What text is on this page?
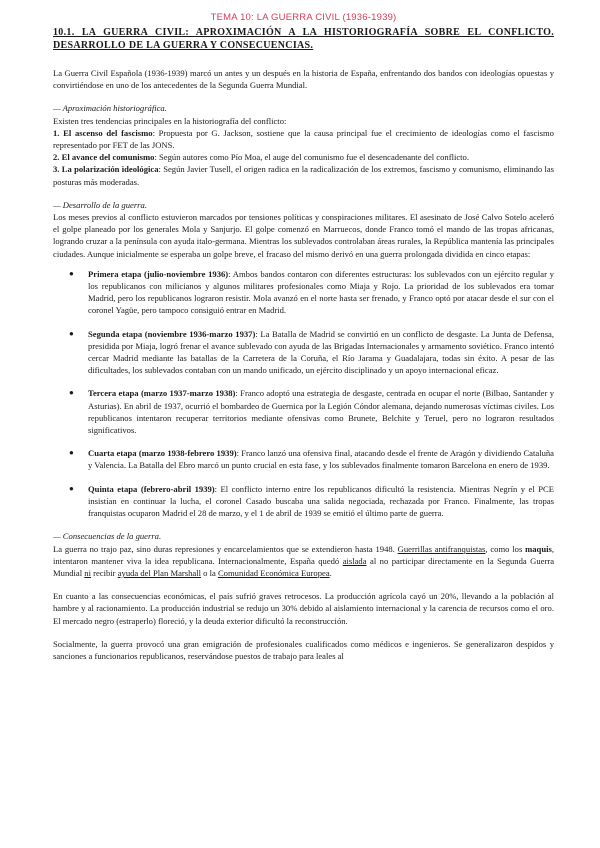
TEMA 10: LA GUERRA CIVIL (1936-1939)
10.1. LA GUERRA CIVIL: APROXIMACIÓN A LA HISTORIOGRAFÍA SOBRE EL CONFLICTO. DESARROLLO DE LA GUERRA Y CONSECUENCIAS.

La Guerra Civil Española (1936-1939) marcó un antes y un después en la historia de España, enfrentando dos bandos con ideologías opuestas y convirtiéndose en uno de los antecedentes de la Segunda Guerra Mundial.

— Aproximación historiográfica.

Existen tres tendencias principales en la historiografía del conflicto:

1. El ascenso del fascismo: Propuesta por G. Jackson, sostiene que la causa principal fue el crecimiento de ideologías como el fascismo representado por FET de las JONS.

2. El avance del comunismo: Según autores como Pío Moa, el auge del comunismo fue el desencadenante del conflicto.

3. La polarización ideológica: Según Javier Tusell, el origen radica en la radicalización de los extremos, fascismo y comunismo, eliminando las posturas más moderadas.

— Desarrollo de la guerra.

Los meses previos al conflicto estuvieron marcados por tensiones políticas y conspiraciones militares. El asesinato de José Calvo Sotelo aceleró el golpe planeado por los generales Mola y Sanjurjo. El golpe comenzó en Marruecos, donde Franco tomó el mando de las tropas africanas, logrando cruzar a la península con ayuda italo-germana. Mientras los sublevados controlaban áreas rurales, la República mantenía las principales ciudades. Aunque inicialmente se esperaba un golpe breve, el fracaso del mismo derivó en una guerra prolongada dividida en cinco etapas:

● Primera etapa (julio-noviembre 1936): Ambos bandos contaron con diferentes estructuras: los sublevados con un ejército regular y los republicanos con milicianos y algunos militares profesionales como Miaja y Rojo. La prioridad de los sublevados era tomar Madrid, pero los republicanos lograron resistir. Mola avanzó en el norte hasta ser frenado, y Franco optó por atacar desde el sur con el coronel Yagüe, pero tampoco consiguió entrar en Madrid.
● Segunda etapa (noviembre 1936-marzo 1937): La Batalla de Madrid se convirtió en un conflicto de desgaste. La Junta de Defensa, presidida por Miaja, logró frenar el avance sublevado con ayuda de las Brigadas Internacionales y armamento soviético. Franco intentó cercar Madrid mediante las batallas de la Carretera de la Coruña, el Río Jarama y Guadalajara, todas sin éxito. A pesar de las dificultades, los sublevados contaban con un mando unificado, un ejército disciplinado y un apoyo internacional eficaz.
● Tercera etapa (marzo 1937-marzo 1938): Franco adoptó una estrategia de desgaste, centrada en ocupar el norte (Bilbao, Santander y Asturias). En abril de 1937, ocurrió el bombardeo de Guernica por la Legión Cóndor alemana, dejando numerosas víctimas civiles. Los republicanos intentaron recuperar territorios mediante ofensivas como Brunete, Belchite y Teruel, pero no lograron resultados significativos.
● Cuarta etapa (marzo 1938-febrero 1939): Franco lanzó una ofensiva final, atacando desde el frente de Aragón y dividiendo Cataluña y Valencia. La Batalla del Ebro marcó un punto crucial en esta fase, y los sublevados finalmente tomaron Barcelona en enero de 1939.
● Quinta etapa (febrero-abril 1939): El conflicto interno entre los republicanos dificultó la resistencia. Mientras Negrín y el PCE insistían en continuar la lucha, el coronel Casado buscaba una salida negociada, rechazada por Franco. Finalmente, las tropas franquistas ocuparon Madrid el 28 de marzo, y el 1 de abril de 1939 se emitió el último parte de guerra.

— Consecuencias de la guerra.

La guerra no trajo paz, sino duras represiones y encarcelamientos que se extendieron hasta 1948. Guerrillas antifranquistas, como los maquis, intentaron mantener viva la idea republicana. Internacionalmente, España quedó aislada al no participar directamente en la Segunda Guerra Mundial ni recibir ayuda del Plan Marshall o la Comunidad Económica Europea.

En cuanto a las consecuencias económicas, el país sufrió graves retrocesos. La producción agrícola cayó un 20%, llevando a la población al hambre y al racionamiento. La producción industrial se redujo un 30% debido al aislamiento internacional y la carencia de recursos como el oro. El mercado negro (estraperlo) floreció, y la deuda exterior dificultó la reconstrucción.

Socialmente, la guerra provocó una gran emigración de profesionales cualificados como médicos e ingenieros. Se generalizaron despidos y sanciones a funcionarios republicanos, reservándose puestos de trabajo para leales al
